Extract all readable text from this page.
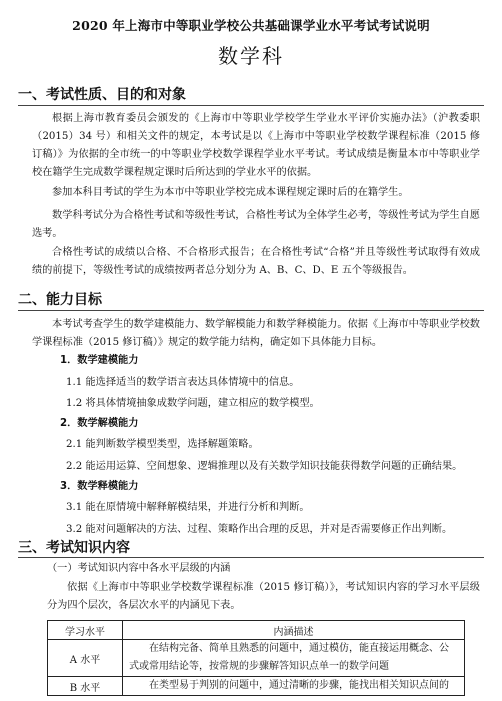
2020 年上海市中等职业学校公共基础课学业水平考试考试说明
数学科
一、考试性质、目的和对象
根据上海市教育委员会颁发的《上海市中等职业学校学生学业水平评价实施办法》（沪教委职（2015）34 号）和相关文件的规定，本考试是以《上海市中等职业学校数学课程标准（2015 修订稿）》为依据的全市统一的中等职业学校数学课程学业水平考试。考试成绩是衡量本市中等职业学校在籍学生完成数学课程规定课时后所达到的学业水平的依据。
参加本科目考试的学生为本市中等职业学校完成本课程规定课时后的在籍学生。
数学科考试分为合格性考试和等级性考试，合格性考试为全体学生必考，等级性考试为学生自愿选考。
合格性考试的成绩以合格、不合格形式报告；在合格性考试“合格”并且等级性考试取得有效成绩的前提下，等级性考试的成绩按两者总分划分为 A、B、C、D、E 五个等级报告。
二、能力目标
本考试考查学生的数学建模能力、数学解模能力和数学释模能力。依据《上海市中等职业学校数学课程标准（2015 修订稿）》规定的数学能力结构，确定如下具体能力目标。
1．数学建模能力
1.1 能选择适当的数学语言表达具体情境中的信息。
1.2 将具体情境抽象成数学问题，建立相应的数学模型。
2．数学解模能力
2.1 能判断数学模型类型，选择解题策略。
2.2 能运用运算、空间想象、逻辑推理以及有关数学知识技能获得数学问题的正确结果。
3．数学释模能力
3.1 能在原情境中解释解模结果，并进行分析和判断。
3.2 能对问题解决的方法、过程、策略作出合理的反思，并对是否需要修正作出判断。
三、考试知识内容
（一）考试知识内容中各水平层级的内涵
依据《上海市中等职业学校数学课程标准（2015 修订稿）》，考试知识内容的学习水平层级分为四个层次，各层次水平的内涵见下表。
学习水平	内涵描述
A 水平	在结构完备、简单且熟悉的问题中，通过模仿，能直接运用概念、公式或常用结论等，按常规的步骤解答知识点单一的数学问题
B 水平	在类型易于判别的问题中，通过清晰的步骤，能找出相关知识点间的
